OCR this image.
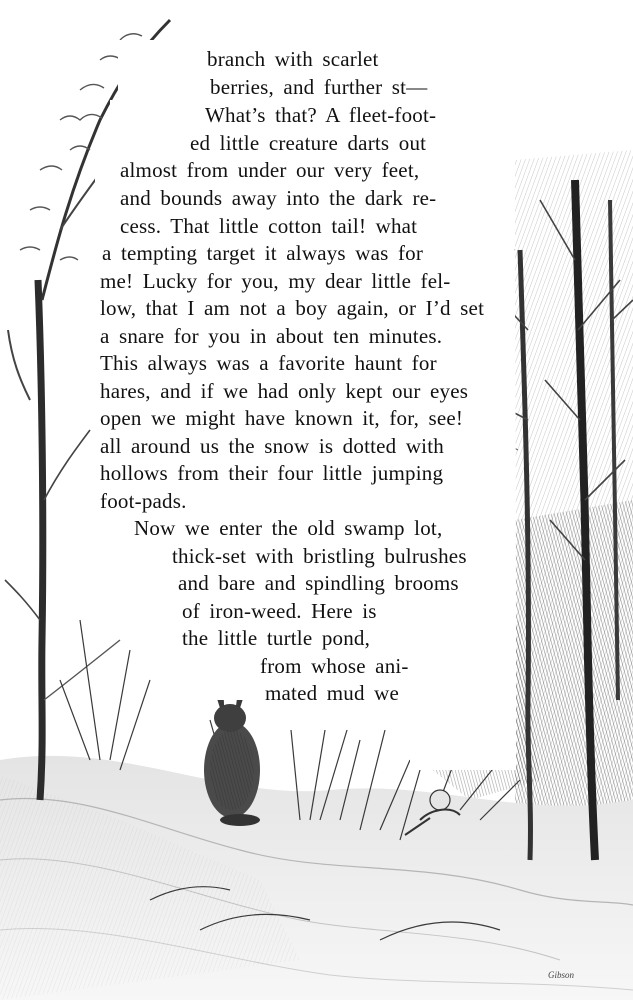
branch with scarlet
berries, and further st—
What’s that? A fleet-foot-
ed little creature darts out
almost from under our very feet,
and bounds away into the dark re-
cess. That little cotton tail! what
a tempting target it always was for
me! Lucky for you, my dear little fel-
low, that I am not a boy again, or I’d set
a snare for you in about ten minutes.
This always was a favorite haunt for
hares, and if we had only kept our eyes
open we might have known it, for, see!
all around us the snow is dotted with
hollows from their four little jumping
foot-pads.
Now we enter the old swamp lot,
thick-set with bristling bulrushes
and bare and spindling brooms
of iron-weed. Here is
the little turtle pond,
from whose ani-
mated mud we
Gibson
